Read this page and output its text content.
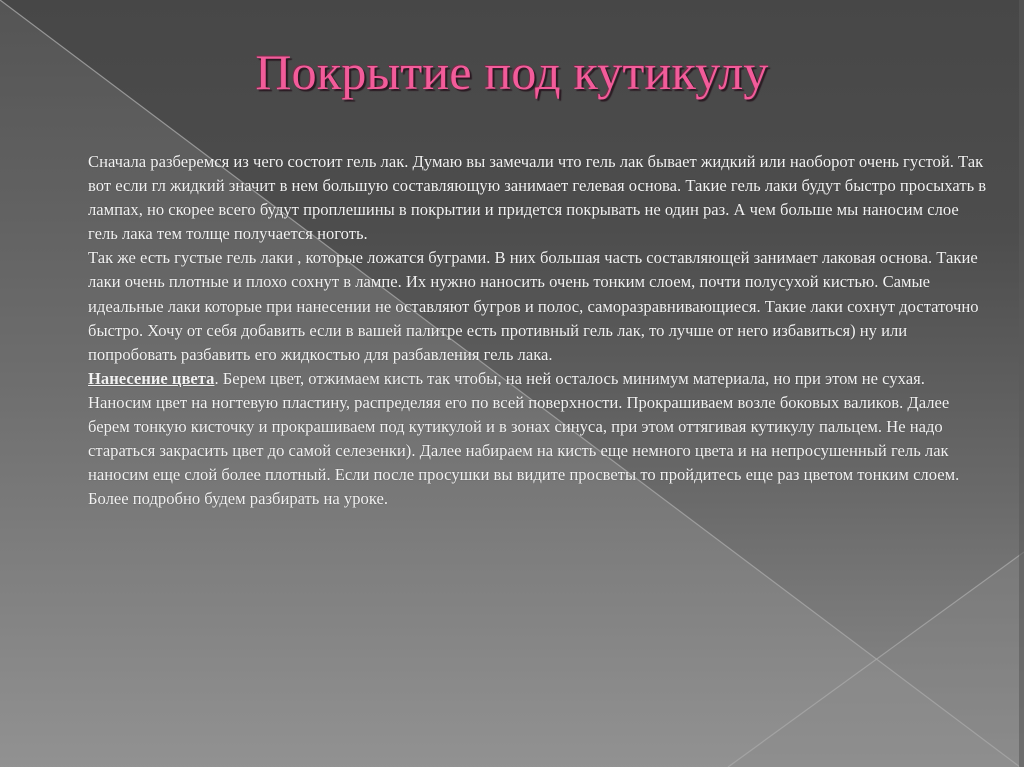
Покрытие под кутикулу

Сначала разберемся из чего состоит гель лак. Думаю вы замечали что гель лак бывает жидкий или наоборот очень густой. Так вот если гл жидкий значит в нем большую составляющую занимает гелевая основа. Такие гель лаки будут быстро просыхать в лампах, но скорее всего будут проплешины в покрытии и придется покрывать не один раз. А чем больше мы наносим слое гель лака тем толще получается ноготь.

Так же есть густые гель лаки , которые ложатся буграми. В них большая часть составляющей занимает лаковая основа. Такие лаки очень плотные и плохо сохнут в лампе. Их нужно наносить очень тонким слоем, почти полусухой кистью. Самые идеальные лаки которые при нанесении не оставляют бугров и полос, саморазравнивающиеся. Такие лаки сохнут достаточно быстро. Хочу от себя добавить если в вашей палитре есть противный гель лак, то лучше от него избавиться) ну или попробовать разбавить его жидкостью для разбавления гель лака.

Нанесение цвета. Берем цвет, отжимаем кисть так чтобы, на ней осталось минимум материала, но при этом не сухая. Наносим цвет на ногтевую пластину, распределяя его по всей поверхности. Прокрашиваем возле боковых валиков. Далее берем тонкую кисточку и прокрашиваем под кутикулой и в зонах синуса, при этом оттягивая кутикулу пальцем. Не надо стараться закрасить цвет до самой селезенки). Далее набираем на кисть еще немного цвета и на непросушенный гель лак наносим еще слой более плотный. Если после просушки вы видите просветы то пройдитесь еще раз цветом тонким слоем.

Более подробно будем разбирать на уроке.
